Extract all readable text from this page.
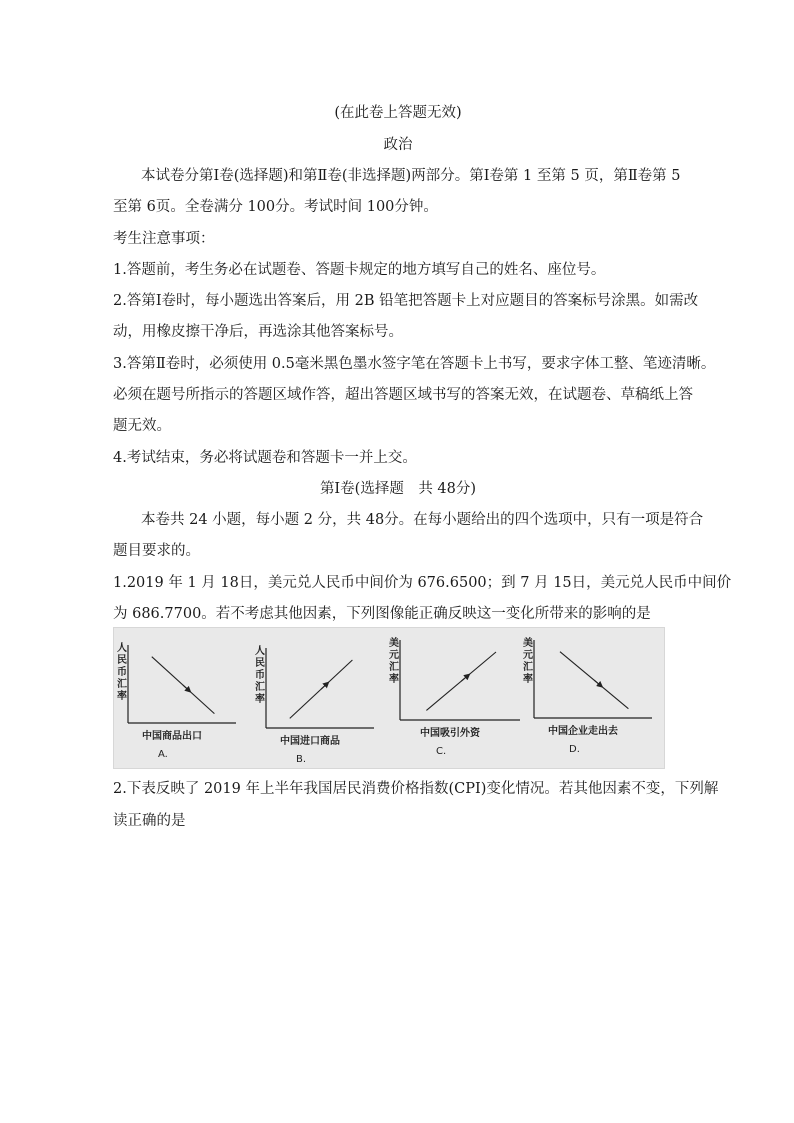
(在此卷上答题无效)
政治
本试卷分第Ⅰ卷(选择题)和第Ⅱ卷(非选择题)两部分。第Ⅰ卷第 1 至第 5 页，第Ⅱ卷第 5
至第 6页。全卷满分 100分。考试时间 100分钟。
考生注意事项：
1.答题前，考生务必在试题卷、答题卡规定的地方填写自己的姓名、座位号。
2.答第Ⅰ卷时，每小题选出答案后，用 2B 铅笔把答题卡上对应题目的答案标号涂黑。如需改
动，用橡皮擦干净后，再选涂其他答案标号。
3.答第Ⅱ卷时，必须使用 0.5毫米黑色墨水签字笔在答题卡上书写，要求字体工整、笔迹清晰。
必须在题号所指示的答题区域作答，超出答题区域书写的答案无效，在试题卷、草稿纸上答
题无效。
4.考试结束，务必将试题卷和答题卡一并上交。
第Ⅰ卷(选择题　共 48分)
本卷共 24 小题，每小题 2 分，共 48分。在每小题给出的四个选项中，只有一项是符合
题目要求的。
1.2019 年 1 月 18日，美元兑人民币中间价为 676.6500；到 7 月 15日，美元兑人民币中间价
为 686.7700。若不考虑其他因素，下列图像能正确反映这一变化所带来的影响的是
人民币汇率
中国商品出口
A.
人民币汇率
中国进口商品
B.
美元汇率
中国吸引外资
C.
美元汇率
中国企业走出去
D.
2.下表反映了 2019 年上半年我国居民消费价格指数(CPI)变化情况。若其他因素不变，下列解
读正确的是
